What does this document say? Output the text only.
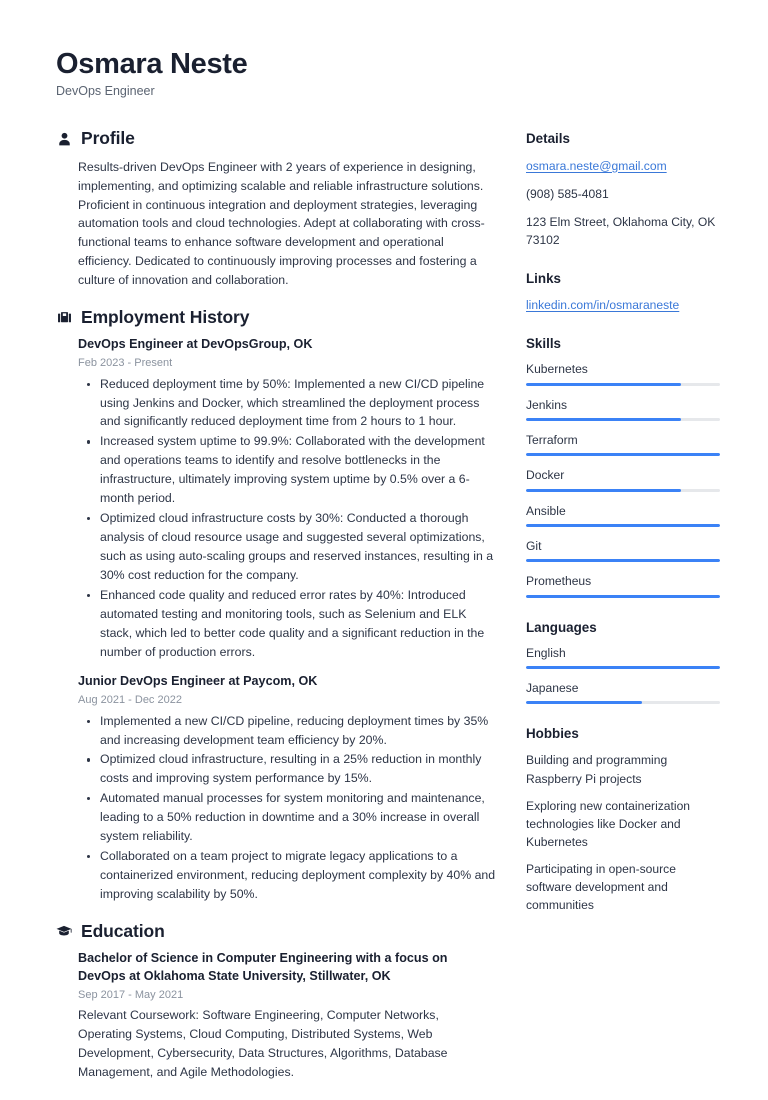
Osmara Neste
DevOps Engineer
Profile
Results-driven DevOps Engineer with 2 years of experience in designing, implementing, and optimizing scalable and reliable infrastructure solutions. Proficient in continuous integration and deployment strategies, leveraging automation tools and cloud technologies. Adept at collaborating with cross-functional teams to enhance software development and operational efficiency. Dedicated to continuously improving processes and fostering a culture of innovation and collaboration.
Employment History
DevOps Engineer at DevOpsGroup, OK
Feb 2023 - Present
Reduced deployment time by 50%: Implemented a new CI/CD pipeline using Jenkins and Docker, which streamlined the deployment process and significantly reduced deployment time from 2 hours to 1 hour.
Increased system uptime to 99.9%: Collaborated with the development and operations teams to identify and resolve bottlenecks in the infrastructure, ultimately improving system uptime by 0.5% over a 6-month period.
Optimized cloud infrastructure costs by 30%: Conducted a thorough analysis of cloud resource usage and suggested several optimizations, such as using auto-scaling groups and reserved instances, resulting in a 30% cost reduction for the company.
Enhanced code quality and reduced error rates by 40%: Introduced automated testing and monitoring tools, such as Selenium and ELK stack, which led to better code quality and a significant reduction in the number of production errors.
Junior DevOps Engineer at Paycom, OK
Aug 2021 - Dec 2022
Implemented a new CI/CD pipeline, reducing deployment times by 35% and increasing development team efficiency by 20%.
Optimized cloud infrastructure, resulting in a 25% reduction in monthly costs and improving system performance by 15%.
Automated manual processes for system monitoring and maintenance, leading to a 50% reduction in downtime and a 30% increase in overall system reliability.
Collaborated on a team project to migrate legacy applications to a containerized environment, reducing deployment complexity by 40% and improving scalability by 50%.
Education
Bachelor of Science in Computer Engineering with a focus on DevOps at Oklahoma State University, Stillwater, OK
Sep 2017 - May 2021
Relevant Coursework: Software Engineering, Computer Networks, Operating Systems, Cloud Computing, Distributed Systems, Web Development, Cybersecurity, Data Structures, Algorithms, Database Management, and Agile Methodologies.
Details
osmara.neste@gmail.com
(908) 585-4081
123 Elm Street, Oklahoma City, OK 73102
Links
linkedin.com/in/osmaraneste
Skills
Kubernetes
Jenkins
Terraform
Docker
Ansible
Git
Prometheus
Languages
English
Japanese
Hobbies
Building and programming Raspberry Pi projects
Exploring new containerization technologies like Docker and Kubernetes
Participating in open-source software development and communities
